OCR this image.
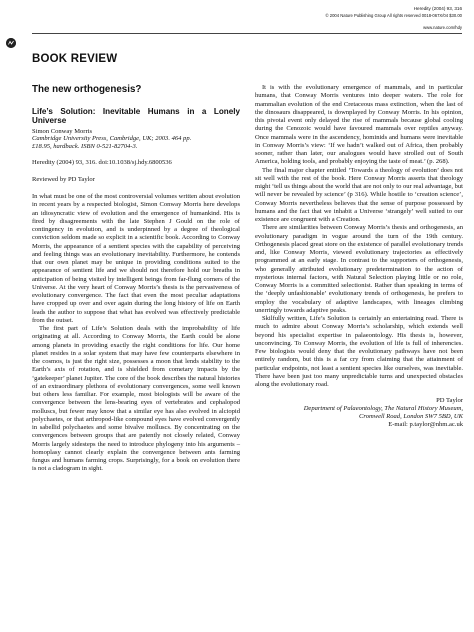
Heredity (2004) 93, 316
© 2004 Nature Publishing Group All rights reserved 0018-067X/04 $30.00
www.nature.com/hdy
BOOK REVIEW
The new orthogenesis?
Life’s Solution: Inevitable Humans in a Lonely Universe

Simon Conway Morris

Cambridge University Press, Cambridge, UK; 2003. 464 pp.

£18.95, hardback. ISBN 0-521-82704-3.

Heredity (2004) 93, 316. doi:10.1038/sj.hdy.6800536

Reviewed by PD Taylor

In what must be one of the most controversial volumes written about evolution in recent years by a respected biologist, Simon Conway Morris here develops an idiosyncratic view of evolution and the emergence of humankind. His is fired by disagreements with the late Stephen J Gould on the role of contingency in evolution, and is underpinned by a degree of theological conviction seldom made so explicit in a scientific book. According to Conway Morris, the appearance of a sentient species with the capability of perceiving and feeling things was an evolutionary inevitability. Furthermore, he contends that our own planet may be unique in providing conditions suited to the appearance of sentient life and we should not therefore hold our breaths in anticipation of being visited by intelligent beings from far-flung corners of the Universe. At the very heart of Conway Morris’s thesis is the pervasiveness of evolutionary convergence. The fact that even the most peculiar adaptations have cropped up over and over again during the long history of life on Earth leads the author to suppose that what has evolved was effectively predictable from the outset.

The first part of Life’s Solution deals with the improbability of life originating at all. According to Conway Morris, the Earth could be alone among planets in providing exactly the right conditions for life. Our home planet resides in a solar system that may have few counterparts elsewhere in the cosmos, is just the right size, possesses a moon that lends stability to the Earth’s axis of rotation, and is shielded from cometary impacts by the ‘gatekeeper’ planet Jupiter. The core of the book describes the natural histories of an extraordinary plethora of evolutionary convergences, some well known but others less familiar. For example, most biologists will be aware of the convergence between the lens-bearing eyes of vertebrates and cephalopod molluscs, but fewer may know that a similar eye has also evolved in alciopid polychaetes, or that arthropod-like compound eyes have evolved convergently in sabellid polychaetes and some bivalve molluscs. By concentrating on the convergences between groups that are patently not closely related, Conway Morris largely sidesteps the need to introduce phylogeny into his arguments – homoplasy cannot clearly explain the convergence between ants farming fungus and humans farming crops. Surprisingly, for a book on evolution there is not a cladogram in sight.

It is with the evolutionary emergence of mammals, and in particular humans, that Conway Morris ventures into deeper waters. The role for mammalian evolution of the end Cretaceous mass extinction, when the last of the dinosaurs disappeared, is downplayed by Conway Morris. In his opinion, this pivotal event only delayed the rise of mammals because global cooling during the Cenozoic would have favoured mammals over reptiles anyway. Once mammals were in the ascendency, hominids and humans were inevitable in Conway Morris’s view: ‘If we hadn’t walked out of Africa, then probably sooner, rather than later, our analogues would have strolled out of South America, holding tools, and probably enjoying the taste of meat.’ (p. 268).

The final major chapter entitled ‘Towards a theology of evolution’ does not sit well with the rest of the book. Here Conway Morris asserts that theology might ‘tell us things about the world that are not only to our real advantage, but will never be revealed by science’ (p 316). While hostile to ‘creation science’, Conway Morris nevertheless believes that the sense of purpose possessed by humans and the fact that we inhabit a Universe ‘strangely’ well suited to our existence are congruent with a Creation.

There are similarities between Conway Morris’s thesis and orthogenesis, an evolutionary paradigm in vogue around the turn of the 19th century. Orthogenesis placed great store on the existence of parallel evolutionary trends and, like Conway Morris, viewed evolutionary trajectories as effectively programmed at an early stage. In contrast to the supporters of orthogenesis, who generally attributed evolutionary predetermination to the action of mysterious internal factors, with Natural Selection playing little or no role, Conway Morris is a committed selectionist. Rather than speaking in terms of the ‘deeply unfashionable’ evolutionary trends of orthogenesis, he prefers to employ the vocabulary of adaptive landscapes, with lineages climbing unerringly towards adaptive peaks.

Skilfully written, Life’s Solution is certainly an entertaining read. There is much to admire about Conway Morris’s scholarship, which extends well beyond his specialist expertise in palaeontology. His thesis is, however, unconvincing. To Conway Morris, the evolution of life is full of inherencies. Few biologists would deny that the evolutionary pathways have not been entirely random, but this is a far cry from claiming that the attainment of particular endpoints, not least a sentient species like ourselves, was inevitable. There have been just too many unpredictable turns and unexpected obstacles along the evolutionary road.

PD Taylor
Department of Palaeontology, The Natural History Museum,
Cromwell Road, London SW7 5BD, UK
E-mail: p.taylor@nhm.ac.uk
